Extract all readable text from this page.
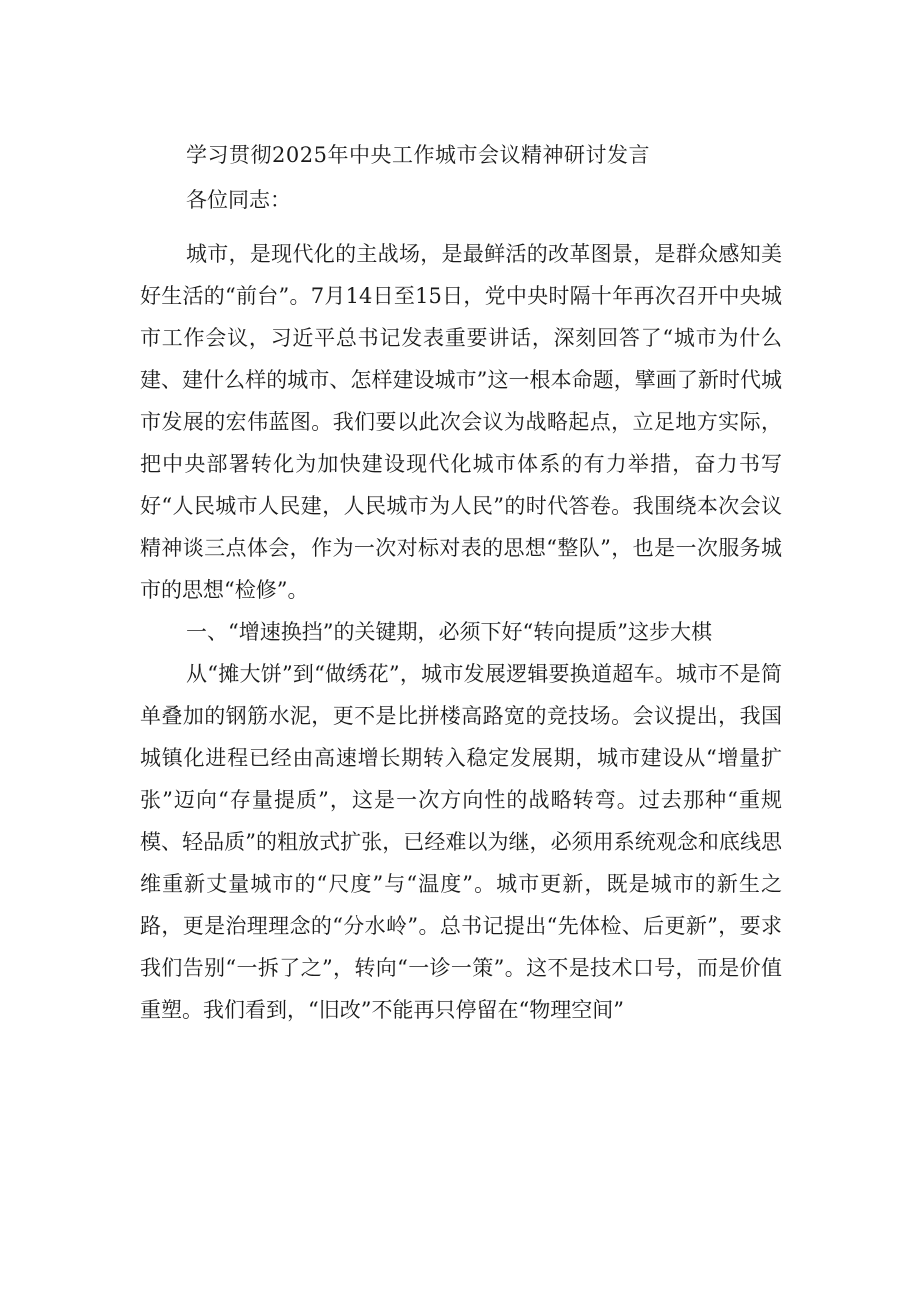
学习贯彻2025年中央工作城市会议精神研讨发言
各位同志：

城市，是现代化的主战场，是最鲜活的改革图景，是群众感知美好生活的“前台”。7月14日至15日，党中央时隔十年再次召开中央城市工作会议，习近平总书记发表重要讲话，深刻回答了“城市为什么建、建什么样的城市、怎样建设城市”这一根本命题，擘画了新时代城市发展的宏伟蓝图。我们要以此次会议为战略起点，立足地方实际，把中央部署转化为加快建设现代化城市体系的有力举措，奋力书写好“人民城市人民建，人民城市为人民”的时代答卷。我围绕本次会议精神谈三点体会，作为一次对标对表的思想“整队”，也是一次服务城市的思想“检修”。

一、“增速换挡”的关键期，必须下好“转向提质”这步大棋

从“摊大饼”到“做绣花”，城市发展逻辑要换道超车。城市不是简单叠加的钢筋水泥，更不是比拼楼高路宽的竞技场。会议提出，我国城镇化进程已经由高速增长期转入稳定发展期，城市建设从“增量扩张”迈向“存量提质”，这是一次方向性的战略转弯。过去那种“重规模、轻品质”的粗放式扩张，已经难以为继，必须用系统观念和底线思维重新丈量城市的“尺度”与“温度”。城市更新，既是城市的新生之路，更是治理理念的“分水岭”。总书记提出“先体检、后更新”，要求我们告别“一拆了之”，转向“一诊一策”。这不是技术口号，而是价值重塑。我们看到，“旧改”不能再只停留在“物理空间”
